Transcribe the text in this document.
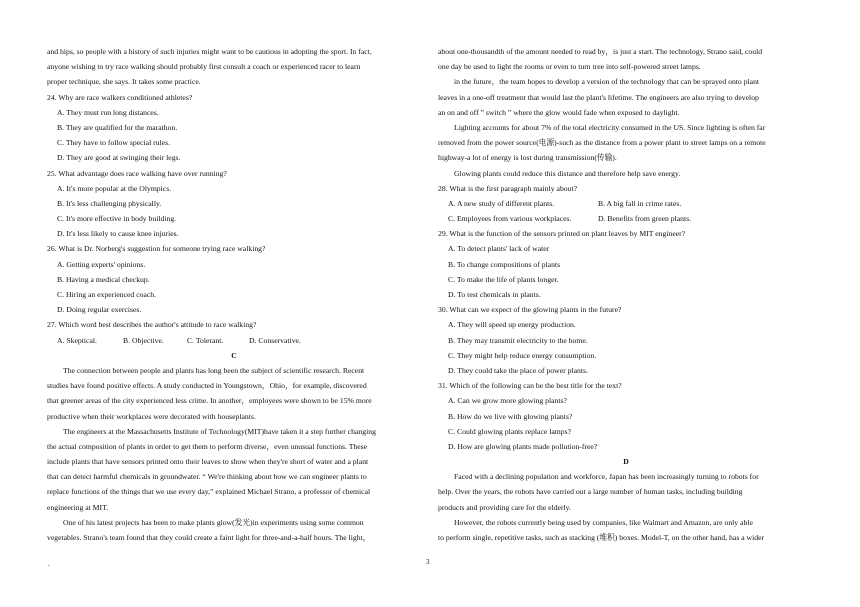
and hips, so people with a history of such injuries might want to be cautious in adopting the sport. In fact,
anyone wishing to try race walking should probably first consult a coach or experienced racer to learn
proper technique, she says. It takes some practice.
24. Why are race walkers conditioned athletes?
A. They must run long distances.
B. They are qualified for the marathon.
C. They have to follow special rules.
D. They are good at swinging their legs.
25. What advantage does race walking have over running?
A. It's more popular at the Olympics.
B. It's less challenging physically.
C. It's more effective in body building.
D. It's less likely to cause knee injuries.
26. What is Dr. Norberg's suggestion for someone trying race walking?
A. Getting experts' opinions.
B. Having a medical checkup.
C. Hiring an experienced coach.
D. Doing regular exercises.
27. Which word best describes the author's attitude to race walking?
A. Skeptical.	B. Objective.	C. Tolerant.	D. Conservative.
C
The connection between people and plants has long been the subject of scientific research. Recent
studies have found positive effects. A study conducted in Youngstown，Ohio，for example, discovered
that greener areas of the city experienced less crime. In another，employees were shown to be 15% more
productive when their workplaces were decorated with houseplants.
The engineers at the Massachusetts Institute of Technology(MIT)have taken it a step further changing
the actual composition of plants in order to get them to perform diverse，even unusual functions. These
include plants that have sensors printed onto their leaves to show when they're short of water and a plant
that can detect harmful chemicals in groundwater. “ We're thinking about how we can engineer plants to
replace functions of the things that we use every day,” explained Michael Strano, a professor of chemical
engineering at MIT.
One of his latest projects has been to make plants glow(发光)in experiments using some common
vegetables. Strano's team found that they could create a faint light for three-and-a-half hours. The light，
.
about one-thousandth of the amount needed to read by，is just a start. The technology, Strano said, could
one day be used to light the rooms or even to turn tree into self-powered street lamps.
in the future，the team hopes to develop a version of the technology that can be sprayed onto plant
leaves in a one-off treatment that would last the plant's lifetime. The engineers are also trying to develop
an on and off ” switch ” where the glow would fade when exposed to daylight.
Lighting accounts for about 7% of the total electricity consumed in the US. Since lighting is often far
removed from the power source(电源)-such as the distance from a power plant to street lamps on a remote
highway-a lot of energy is lost during transmission(传输).
Glowing plants could reduce this distance and therefore help save energy.
28. What is the first paragraph mainly about?
A. A new study of different plants.	B. A big fall in crime rates.
C. Employees from various workplaces.	D. Benefits from green plants.
29. What is the function of the sensors printed on plant leaves by MIT engineer?
A. To detect plants' lack of water
B. To change compositions of plants
C. To make the life of plants longer.
D. To test chemicals in plants.
30. What can we expect of the glowing plants in the future?
A. They will speed up energy production.
B. They may transmit electricity to the home.
C. They might help reduce energy consumption.
D. They could take the place of power plants.
31. Which of the following can be the best title for the text?
A. Can we grow more glowing plants?
B. How do we live with glowing plants?
C. Could glowing plants replace lamps?
D. How are glowing plants made pollution-free?
D
Faced with a declining population and workforce, Japan has been increasingly turning to robots for
help. Over the years, the robots have carried out a large number of human tasks, including building
products and providing care for the elderly.
However, the robots currently being used by companies, like Walmart and Amazon, are only able
to perform single, repetitive tasks, such as stacking (堆积) boxes. Model-T, on the other hand, has a wider
3
